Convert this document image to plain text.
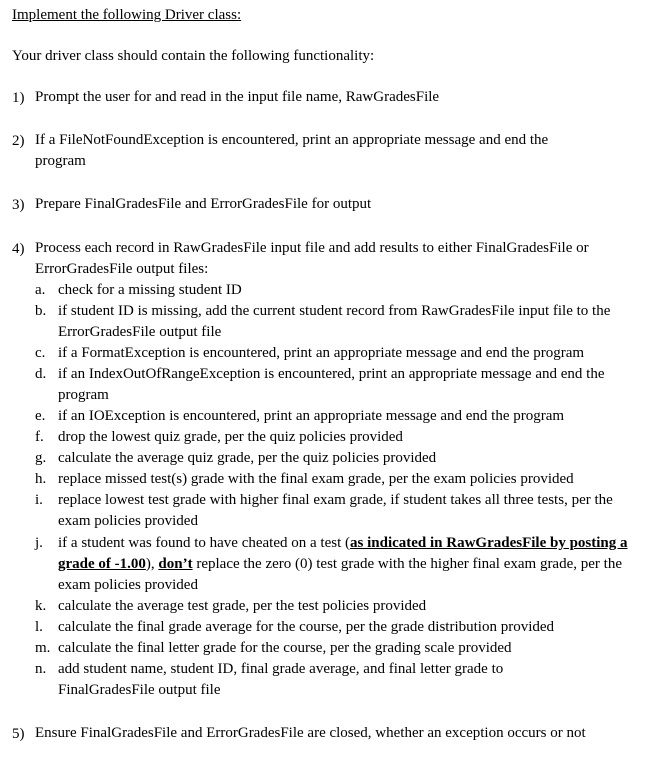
Implement the following Driver class:
Your driver class should contain the following functionality:
1) Prompt the user for and read in the input file name, RawGradesFile
2) If a FileNotFoundException is encountered, print an appropriate message and end the program
3) Prepare FinalGradesFile and ErrorGradesFile for output
4) Process each record in RawGradesFile input file and add results to either FinalGradesFile or ErrorGradesFile output files:
a. check for a missing student ID
b. if student ID is missing, add the current student record from RawGradesFile input file to the ErrorGradesFile output file
c. if a FormatException is encountered, print an appropriate message and end the program
d. if an IndexOutOfRangeException is encountered, print an appropriate message and end the program
e. if an IOException is encountered, print an appropriate message and end the program
f. drop the lowest quiz grade, per the quiz policies provided
g. calculate the average quiz grade, per the quiz policies provided
h. replace missed test(s) grade with the final exam grade, per the exam policies provided
i.	replace lowest test grade with higher final exam grade, if student takes all three tests, per the exam policies provided
j.	if a student was found to have cheated on a test (as indicated in RawGradesFile by posting a grade of -1.00), don’t replace the zero (0) test grade with the higher final exam grade, per the exam policies provided
k. calculate the average test grade, per the test policies provided
l.	calculate the final grade average for the course, per the grade distribution provided
m. calculate the final letter grade for the course, per the grading scale provided
n. add student name, student ID, final grade average, and final letter grade to FinalGradesFile output file
5) Ensure FinalGradesFile and ErrorGradesFile are closed, whether an exception occurs or not
